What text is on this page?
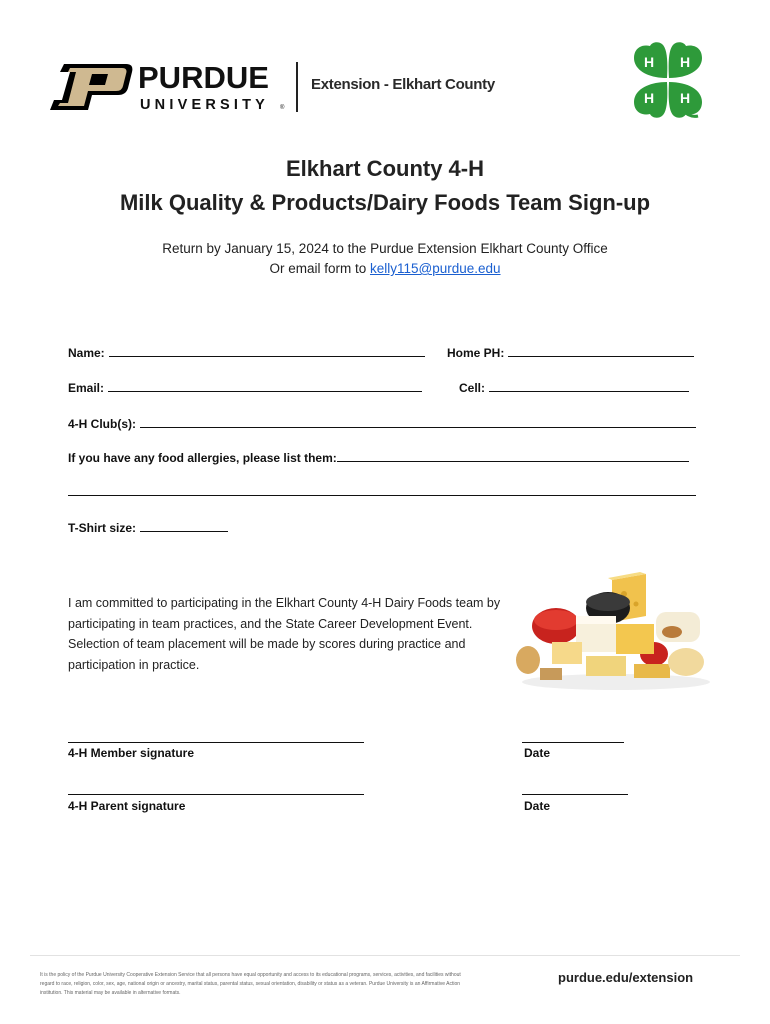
PURDUE
UNIVERSITY ®
Extension - Elkhart County
H H
H H
Elkhart County 4-H
Milk Quality & Products/Dairy Foods Team Sign-up
Return by January 15, 2024 to the Purdue Extension Elkhart County Office
Or email form to kelly115@purdue.edu
Name:	Home PH:
Email:	Cell:
4-H Club(s):
If you have any food allergies, please list them:
T-Shirt size:
I am committed to participating in the Elkhart County 4-H Dairy Foods team by participating in team practices, and the State Career Development Event. Selection of team placement will be made by scores during practice and participation in practice.
4-H Member signature	Date
4-H Parent signature	Date
It is the policy of the Purdue University Cooperative Extension Service that all persons have equal opportunity and access to its educational programs, services, activities, and facilities without regard to race, religion, color, sex, age, national origin or ancestry, marital status, parental status, sexual orientation, disability or status as a veteran. Purdue University is an Affirmative Action institution. This material may be available in alternative formats.
purdue.edu/extension
